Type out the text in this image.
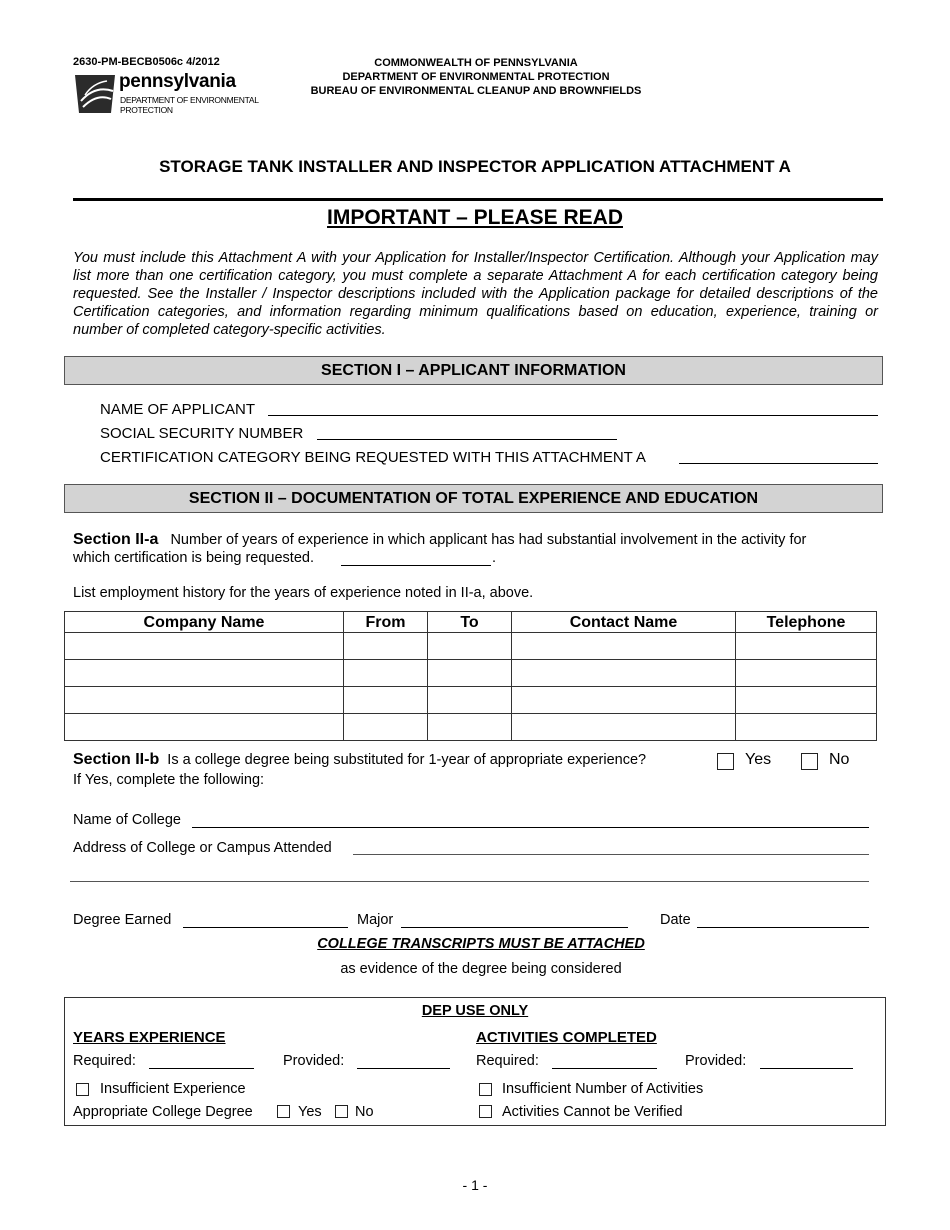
2630-PM-BECB0506c 4/2012
pennsylvania
DEPARTMENT OF ENVIRONMENTAL
PROTECTION
COMMONWEALTH OF PENNSYLVANIA
DEPARTMENT OF ENVIRONMENTAL PROTECTION
BUREAU OF ENVIRONMENTAL CLEANUP AND BROWNFIELDS
STORAGE TANK INSTALLER AND INSPECTOR APPLICATION ATTACHMENT A
IMPORTANT – PLEASE READ
You must include this Attachment A with your Application for Installer/Inspector Certification. Although your Application may list more than one certification category, you must complete a separate Attachment A for each certification category being requested. See the Installer / Inspector descriptions included with the Application package for detailed descriptions of the Certification categories, and information regarding minimum qualifications based on education, experience, training or number of completed category-specific activities.
SECTION I – APPLICANT INFORMATION
NAME OF APPLICANT
SOCIAL SECURITY NUMBER
CERTIFICATION CATEGORY BEING REQUESTED WITH THIS ATTACHMENT A
SECTION II – DOCUMENTATION OF TOTAL EXPERIENCE AND EDUCATION
Section II-a Number of years of experience in which applicant has had substantial involvement in the activity for
which certification is being requested.	.
List employment history for the years of experience noted in II-a, above.
Company Name	From	To	Contact Name	Telephone

Section II-b Is a college degree being substituted for 1-year of appropriate experience?	Yes	No
If Yes, complete the following:
Name of College
Address of College or Campus Attended
Degree Earned	Major	Date
COLLEGE TRANSCRIPTS MUST BE ATTACHED
as evidence of the degree being considered
DEP USE ONLY
YEARS EXPERIENCE	ACTIVITIES COMPLETED
Required:	Provided:	Required:	Provided:
Insufficient Experience	Insufficient Number of Activities
Appropriate College Degree	Yes No	Activities Cannot be Verified
- 1 -
